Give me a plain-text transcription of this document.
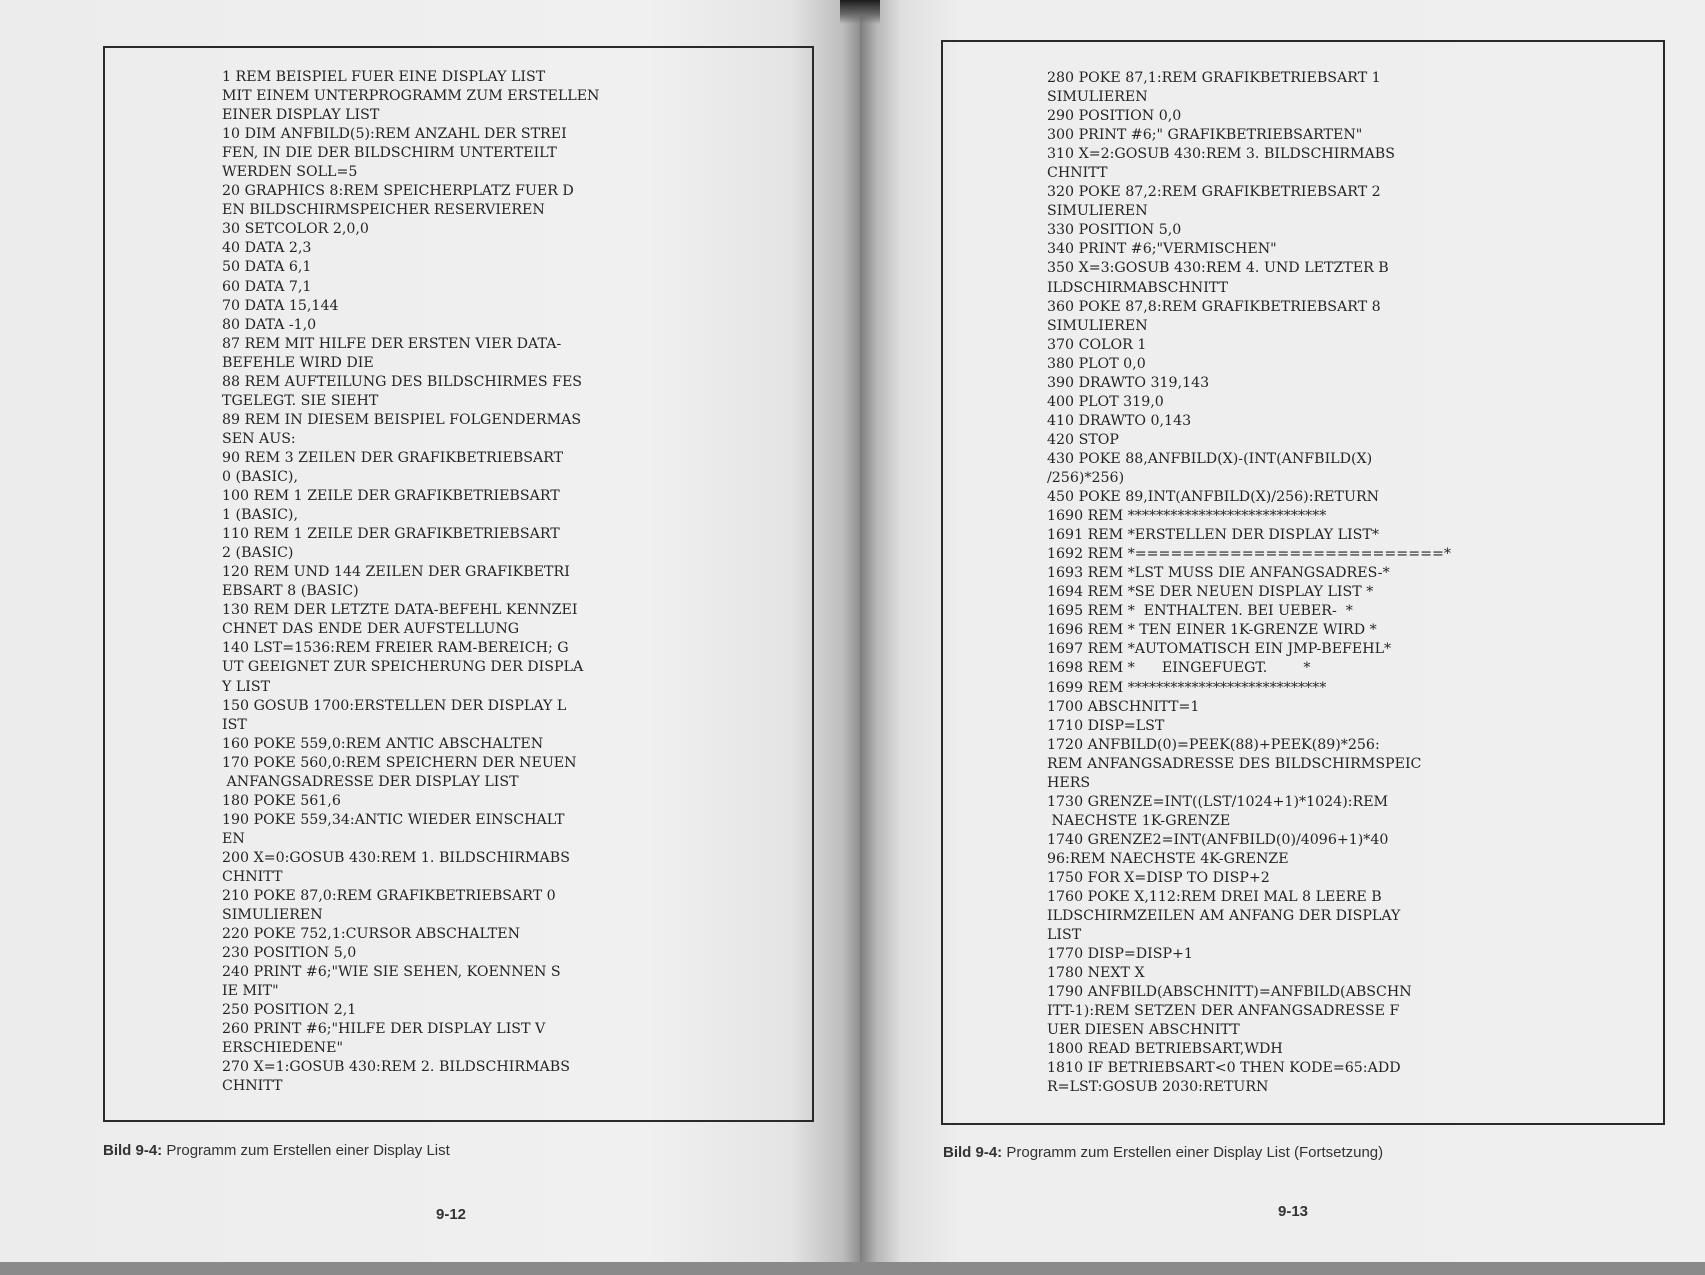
1 REM BEISPIEL FUER EINE DISPLAY LIST
MIT EINEM UNTERPROGRAMM ZUM ERSTELLEN
EINER DISPLAY LIST
10 DIM ANFBILD(5):REM ANZAHL DER STREI
FEN, IN DIE DER BILDSCHIRM UNTERTEILT
WERDEN SOLL=5
20 GRAPHICS 8:REM SPEICHERPLATZ FUER D
EN BILDSCHIRMSPEICHER RESERVIEREN
30 SETCOLOR 2,0,0
40 DATA 2,3
50 DATA 6,1
60 DATA 7,1
70 DATA 15,144
80 DATA -1,0
87 REM MIT HILFE DER ERSTEN VIER DATA-
BEFEHLE WIRD DIE
88 REM AUFTEILUNG DES BILDSCHIRMES FES
TGELEGT. SIE SIEHT
89 REM IN DIESEM BEISPIEL FOLGENDERMAS
SEN AUS:
90 REM 3 ZEILEN DER GRAFIKBETRIEBSART
0 (BASIC),
100 REM 1 ZEILE DER GRAFIKBETRIEBSART
1 (BASIC),
110 REM 1 ZEILE DER GRAFIKBETRIEBSART
2 (BASIC)
120 REM UND 144 ZEILEN DER GRAFIKBETRI
EBSART 8 (BASIC)
130 REM DER LETZTE DATA-BEFEHL KENNZEI
CHNET DAS ENDE DER AUFSTELLUNG
140 LST=1536:REM FREIER RAM-BEREICH; G
UT GEEIGNET ZUR SPEICHERUNG DER DISPLA
Y LIST
150 GOSUB 1700:ERSTELLEN DER DISPLAY L
IST
160 POKE 559,0:REM ANTIC ABSCHALTEN
170 POKE 560,0:REM SPEICHERN DER NEUEN
ANFANGSADRESSE DER DISPLAY LIST
180 POKE 561,6
190 POKE 559,34:ANTIC WIEDER EINSCHALT
EN
200 X=0:GOSUB 430:REM 1. BILDSCHIRMABS
CHNITT
210 POKE 87,0:REM GRAFIKBETRIEBSART 0
SIMULIEREN
220 POKE 752,1:CURSOR ABSCHALTEN
230 POSITION 5,0
240 PRINT #6;"WIE SIE SEHEN, KOENNEN S
IE MIT"
250 POSITION 2,1
260 PRINT #6;"HILFE DER DISPLAY LIST V
ERSCHIEDENE"
270 X=1:GOSUB 430:REM 2. BILDSCHIRMABS
CHNITT
280 POKE 87,1:REM GRAFIKBETRIEBSART 1
SIMULIEREN
290 POSITION 0,0
300 PRINT #6;" GRAFIKBETRIEBSARTEN"
310 X=2:GOSUB 430:REM 3. BILDSCHIRMABS
CHNITT
320 POKE 87,2:REM GRAFIKBETRIEBSART 2
SIMULIEREN
330 POSITION 5,0
340 PRINT #6;"VERMISCHEN"
350 X=3:GOSUB 430:REM 4. UND LETZTER B
ILDSCHIRMABSCHNITT
360 POKE 87,8:REM GRAFIKBETRIEBSART 8
SIMULIEREN
370 COLOR 1
380 PLOT 0,0
390 DRAWTO 319,143
400 PLOT 319,0
410 DRAWTO 0,143
420 STOP
430 POKE 88,ANFBILD(X)-(INT(ANFBILD(X)
/256)*256)
450 POKE 89,INT(ANFBILD(X)/256):RETURN
1690 REM ****************************
1691 REM *ERSTELLEN DER DISPLAY LIST*
1692 REM *==========================*
1693 REM *LST MUSS DIE ANFANGSADRES-*
1694 REM *SE DER NEUEN DISPLAY LIST *
1695 REM *  ENTHALTEN. BEI UEBER-  *
1696 REM * TEN EINER 1K-GRENZE WIRD *
1697 REM *AUTOMATISCH EIN JMP-BEFEHL*
1698 REM *      EINGEFUEGT.        *
1699 REM ****************************
1700 ABSCHNITT=1
1710 DISP=LST
1720 ANFBILD(0)=PEEK(88)+PEEK(89)*256:
REM ANFANGSADRESSE DES BILDSCHIRMSPEIC
HERS
1730 GRENZE=INT((LST/1024+1)*1024):REM
NAECHSTE 1K-GRENZE
1740 GRENZE2=INT(ANFBILD(0)/4096+1)*40
96:REM NAECHSTE 4K-GRENZE
1750 FOR X=DISP TO DISP+2
1760 POKE X,112:REM DREI MAL 8 LEERE B
ILDSCHIRMZEILEN AM ANFANG DER DISPLAY
LIST
1770 DISP=DISP+1
1780 NEXT X
1790 ANFBILD(ABSCHNITT)=ANFBILD(ABSCHN
ITT-1):REM SETZEN DER ANFANGSADRESSE F
UER DIESEN ABSCHNITT
1800 READ BETRIEBSART,WDH
1810 IF BETRIEBSART<0 THEN KODE=65:ADD
R=LST:GOSUB 2030:RETURN
Bild 9-4: Programm zum Erstellen einer Display List	Bild 9-4: Programm zum Erstellen einer Display List (Fortsetzung)
9-12	9-13
